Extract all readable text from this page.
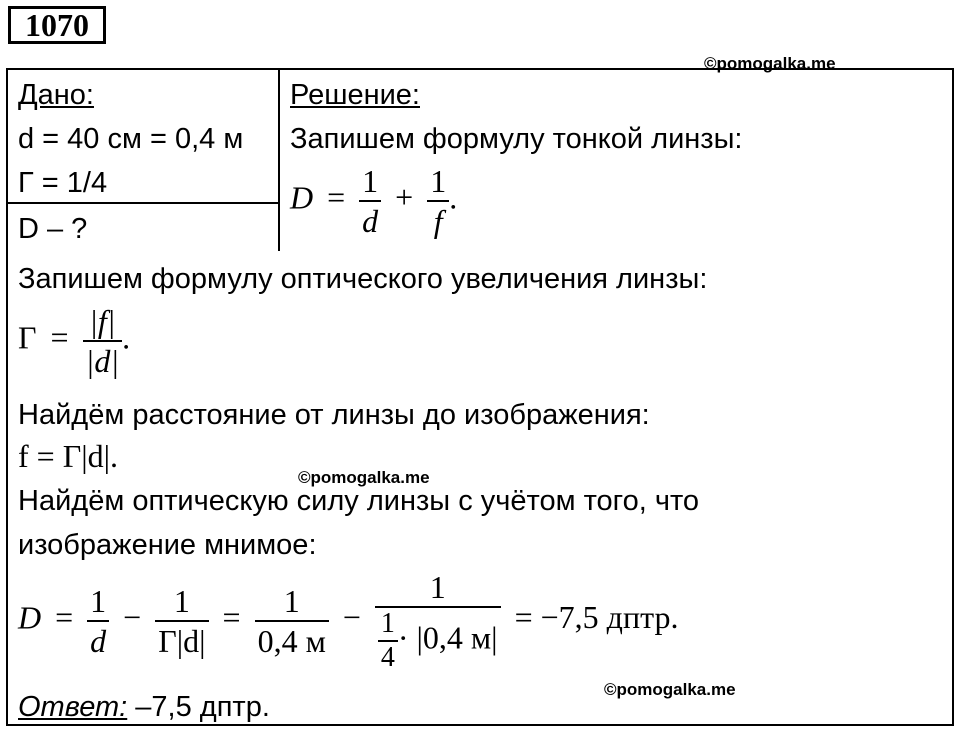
1070
©pomogalka.me
Дано:
d = 40 см = 0,4 м
Г = 1/4
D – ?
Решение:
Запишем формулу тонкой линзы:
$D = \frac{1}{d} + \frac{1}{f}$ .
Запишем формулу оптического увеличения линзы:
$\Gamma = \frac{|f|}{|d|}$ .
Найдём расстояние от линзы до изображения:
f = Γ|d|.
©pomogalka.me
Найдём оптическую силу линзы с учётом того, что
изображение мнимое:
$D = \frac{1}{d} - \frac{1}{\Gamma|d|} = \frac{1}{0,4 м} - \frac{1}{\frac{1}{4} \cdot |0,4 м|} = -7,5$ дптр.
©pomogalka.me
Ответ: –7,5 дптр.
